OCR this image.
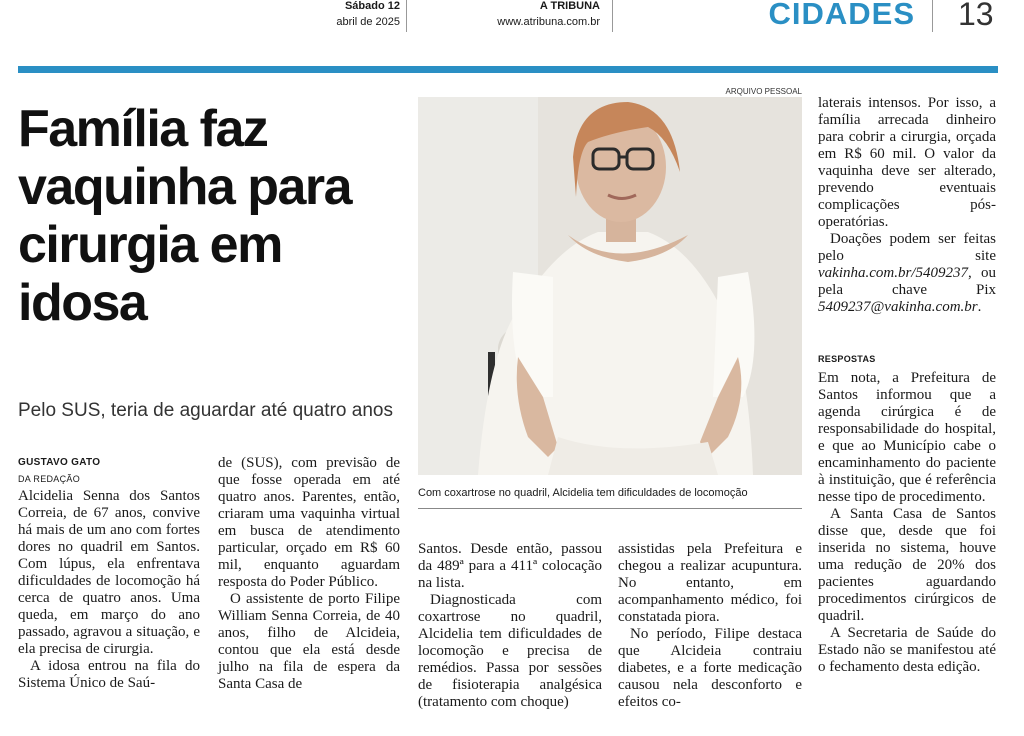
Sábado 12
abril de 2025
A TRIBUNA
www.atribuna.com.br	CIDADES 13
Família faz vaquinha para cirurgia em idosa
Pelo SUS, teria de aguardar até quatro anos
GUSTAVO GATO
DA REDAÇÃO

Alcidelia Senna dos Santos Correia, de 67 anos, convive há mais de um ano com fortes dores no quadril em Santos. Com lúpus, ela enfrentava dificuldades de locomoção há cerca de quatro anos. Uma queda, em março do ano passado, agravou a situação, e ela precisa de cirurgia.

A idosa entrou na fila do Sistema Único de Saú-

de (SUS), com previsão de que fosse operada em até quatro anos. Parentes, então, criaram uma vaquinha virtual em busca de atendimento particular, orçado em R$ 60 mil, enquanto aguardam resposta do Poder Público.

O assistente de porto Filipe William Senna Correia, de 40 anos, filho de Alcideia, contou que ela está desde julho na fila de espera da Santa Casa de

ARQUIVO PESSOAL
Com coxartrose no quadril, Alcidelia tem dificuldades de locomoção

Santos. Desde então, passou da 489ª para a 411ª colocação na lista.

Diagnosticada com coxartrose no quadril, Alcidelia tem dificuldades de locomoção e precisa de remédios. Passa por sessões de fisioterapia analgésica (tratamento com choque)

assistidas pela Prefeitura e chegou a realizar acupuntura. No entanto, em acompanhamento médico, foi constatada piora.

No período, Filipe destaca que Alcideia contraiu diabetes, e a forte medicação causou nela desconforto e efeitos co-

laterais intensos. Por isso, a família arrecada dinheiro para cobrir a cirurgia, orçada em R$ 60 mil. O valor da vaquinha deve ser alterado, prevendo eventuais complicações pós-operatórias.

Doações podem ser feitas pelo site vakinha.com.br/5409237, ou pela chave Pix 5409237@vakinha.com.br.

RESPOSTAS

Em nota, a Prefeitura de Santos informou que a agenda cirúrgica é de responsabilidade do hospital, e que ao Município cabe o encaminhamento do paciente à instituição, que é referência nesse tipo de procedimento.

A Santa Casa de Santos disse que, desde que foi inserida no sistema, houve uma redução de 20% dos pacientes aguardando procedimentos cirúrgicos de quadril.

A Secretaria de Saúde do Estado não se manifestou até o fechamento desta edição.
